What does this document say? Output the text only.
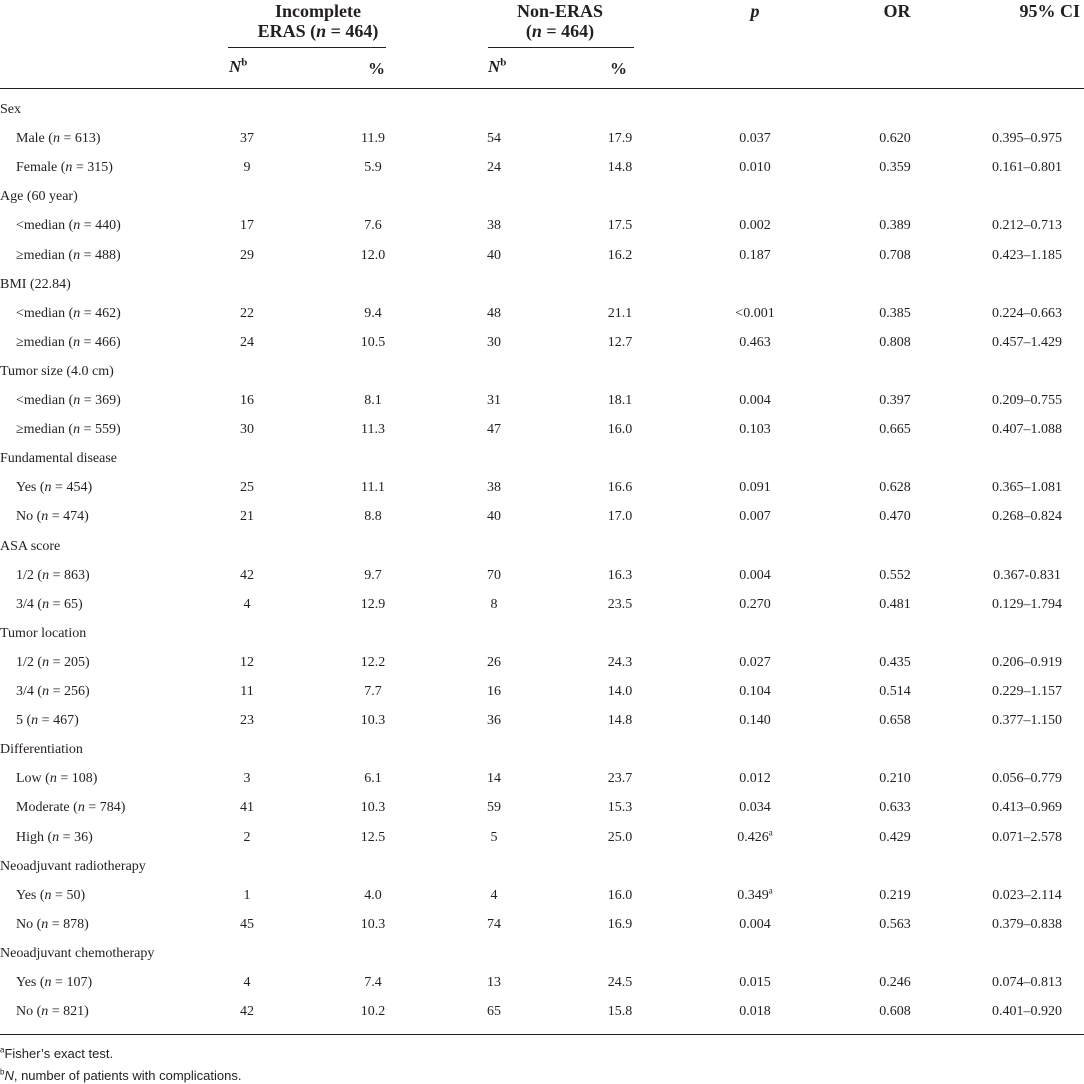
Incomplete
ERAS (n = 464)
Non-ERAS
(n = 464)
p	OR	95% CI
$N^b$	%	$N^b$	%
Sex
Male (n = 613)	37	11.9	54	17.9	0.037	0.620	0.395–0.975
Female (n = 315)	9	5.9	24	14.8	0.010	0.359	0.161–0.801
Age (60 year)
<median (n = 440)	17	7.6	38	17.5	0.002	0.389	0.212–0.713
≥median (n = 488)	29	12.0	40	16.2	0.187	0.708	0.423–1.185
BMI (22.84)
<median (n = 462)	22	9.4	48	21.1	<0.001	0.385	0.224–0.663
≥median (n = 466)	24	10.5	30	12.7	0.463	0.808	0.457–1.429
Tumor size (4.0 cm)
<median (n = 369)	16	8.1	31	18.1	0.004	0.397	0.209–0.755
≥median (n = 559)	30	11.3	47	16.0	0.103	0.665	0.407–1.088
Fundamental disease
Yes (n = 454)	25	11.1	38	16.6	0.091	0.628	0.365–1.081
No (n = 474)	21	8.8	40	17.0	0.007	0.470	0.268–0.824
ASA score
1/2 (n = 863)	42	9.7	70	16.3	0.004	0.552	0.367-0.831
3/4 (n = 65)	4	12.9	8	23.5	0.270	0.481	0.129–1.794
Tumor location
1/2 (n = 205)	12	12.2	26	24.3	0.027	0.435	0.206–0.919
3/4 (n = 256)	11	7.7	16	14.0	0.104	0.514	0.229–1.157
5 (n = 467)	23	10.3	36	14.8	0.140	0.658	0.377–1.150
Differentiation
Low (n = 108)	3	6.1	14	23.7	0.012	0.210	0.056–0.779
Moderate (n = 784)	41	10.3	59	15.3	0.034	0.633	0.413–0.969
High (n = 36)	2	12.5	5	25.0	0.426$^a$	0.429	0.071–2.578
Neoadjuvant radiotherapy
Yes (n = 50)	1	4.0	4	16.0	0.349$^a$	0.219	0.023–2.114
No (n = 878)	45	10.3	74	16.9	0.004	0.563	0.379–0.838
Neoadjuvant chemotherapy
Yes (n = 107)	4	7.4	13	24.5	0.015	0.246	0.074–0.813
No (n = 821)	42	10.2	65	15.8	0.018	0.608	0.401–0.920
$^a$Fisher’s exact test.
$^b$N, number of patients with complications.
